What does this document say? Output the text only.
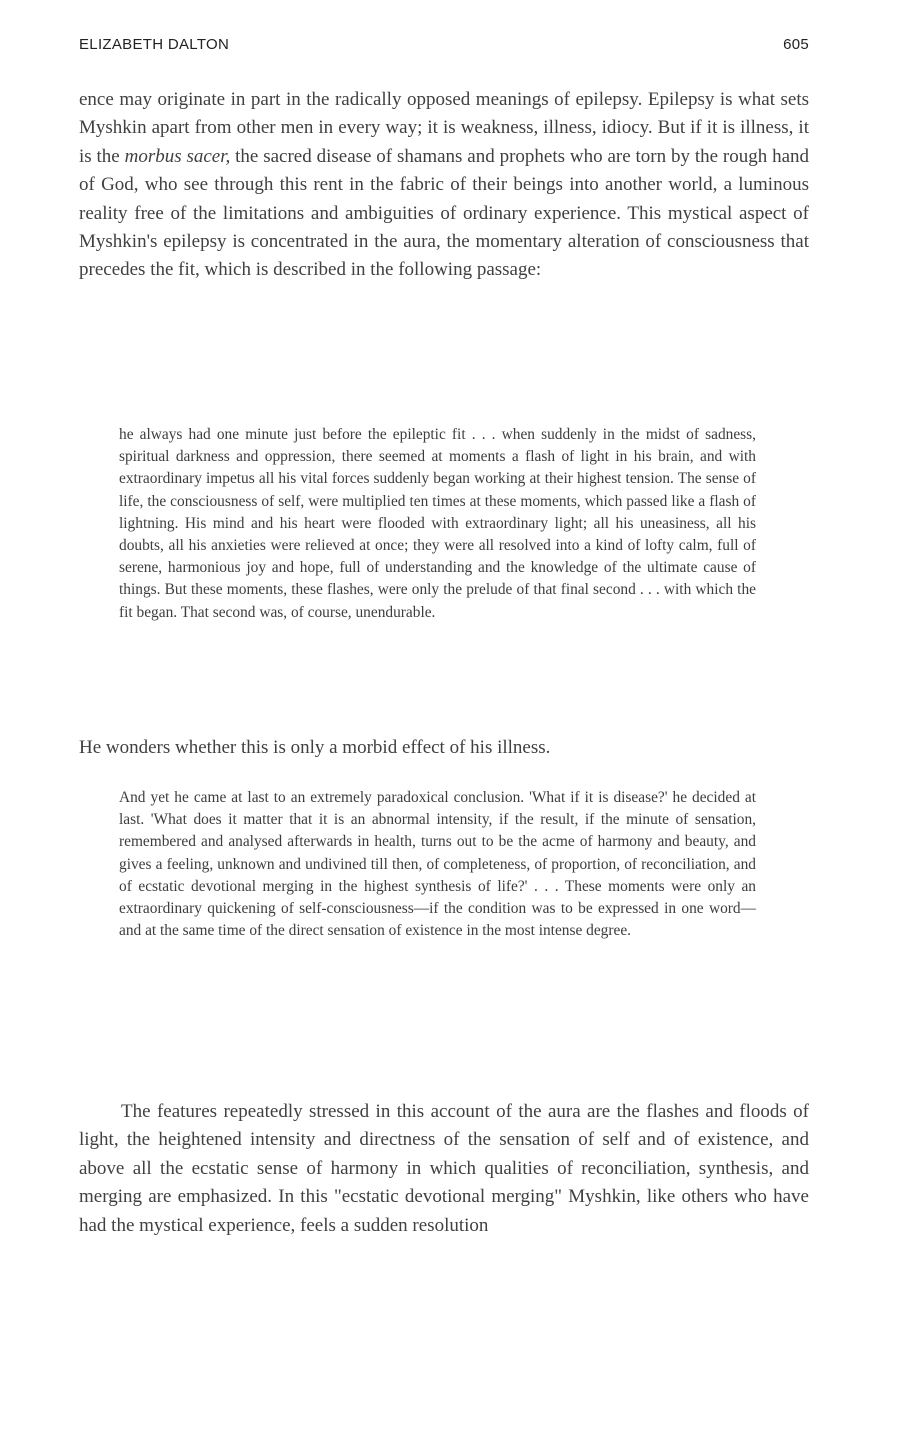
ELIZABETH DALTON	605

ence may originate in part in the radically opposed meanings of epilepsy. Epilepsy is what sets Myshkin apart from other men in every way; it is weakness, illness, idiocy. But if it is illness, it is the morbus sacer, the sacred disease of shamans and prophets who are torn by the rough hand of God, who see through this rent in the fabric of their beings into another world, a luminous reality free of the limitations and ambiguities of ordinary experience. This mystical aspect of Myshkin's epilepsy is concentrated in the aura, the momentary alteration of consciousness that precedes the fit, which is described in the following passage:

he always had one minute just before the epileptic fit . . . when suddenly in the midst of sadness, spiritual darkness and oppression, there seemed at moments a flash of light in his brain, and with extraordinary impetus all his vital forces suddenly began working at their highest tension. The sense of life, the consciousness of self, were multiplied ten times at these moments, which passed like a flash of lightning. His mind and his heart were flooded with extraordinary light; all his uneasiness, all his doubts, all his anxieties were relieved at once; they were all resolved into a kind of lofty calm, full of serene, harmonious joy and hope, full of understanding and the knowledge of the ultimate cause of things. But these moments, these flashes, were only the prelude of that final second . . . with which the fit began. That second was, of course, unendurable.

He wonders whether this is only a morbid effect of his illness.

And yet he came at last to an extremely paradoxical conclusion. 'What if it is disease?' he decided at last. 'What does it matter that it is an abnormal intensity, if the result, if the minute of sensation, remembered and analysed afterwards in health, turns out to be the acme of harmony and beauty, and gives a feeling, unknown and undivined till then, of completeness, of proportion, of reconciliation, and of ecstatic devotional merging in the highest synthesis of life?' . . . These moments were only an extraordinary quickening of self-consciousness—if the condition was to be expressed in one word—and at the same time of the direct sensation of existence in the most intense degree.

The features repeatedly stressed in this account of the aura are the flashes and floods of light, the heightened intensity and directness of the sensation of self and of existence, and above all the ecstatic sense of harmony in which qualities of reconciliation, synthesis, and merging are emphasized. In this "ecstatic devotional merging" Myshkin, like others who have had the mystical experience, feels a sudden resolution
